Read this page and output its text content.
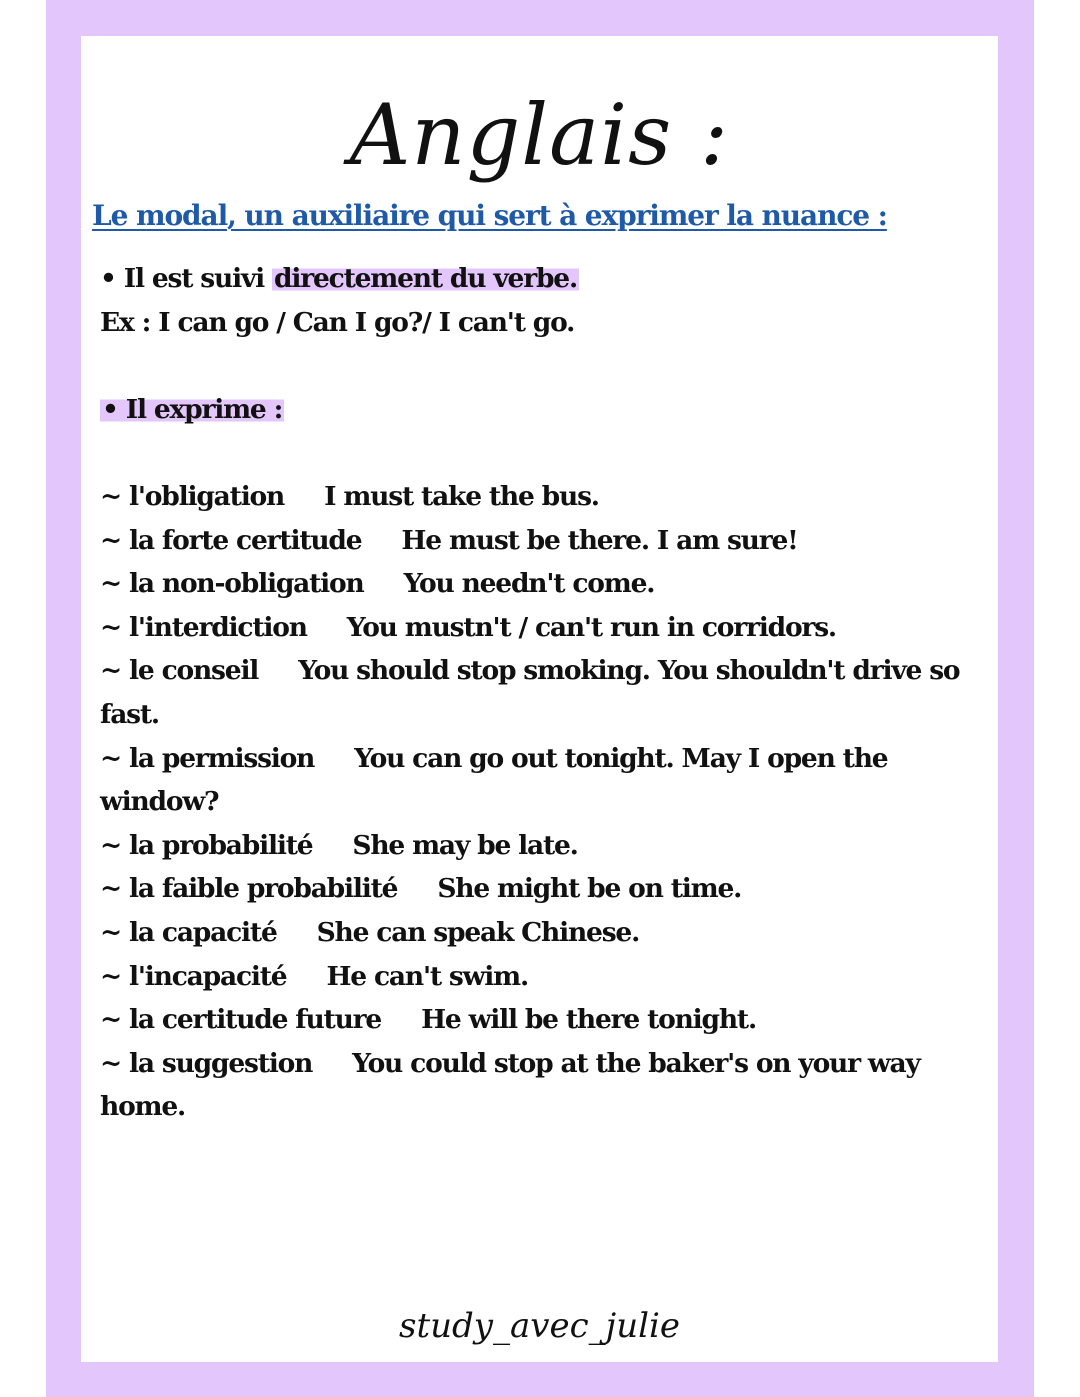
Anglais :
Le modal, un auxiliaire qui sert à exprimer la nuance :
• Il est suivi directement du verbe.
Ex : I can go / Can I go?/ I can't go.
• Il exprime :
~ l'obligation I must take the bus.
~ la forte certitude He must be there. I am sure!
~ la non-obligation You needn't come.
~ l'interdiction You mustn't / can't run in corridors.
~ le conseil You should stop smoking. You shouldn't drive so
fast.
~ la permission You can go out tonight. May I open the
window?
~ la probabilité She may be late.
~ la faible probabilité She might be on time.
~ la capacité She can speak Chinese.
~ l'incapacité He can't swim.
~ la certitude future He will be there tonight.
~ la suggestion You could stop at the baker's on your way
home.
study_avec_julie
